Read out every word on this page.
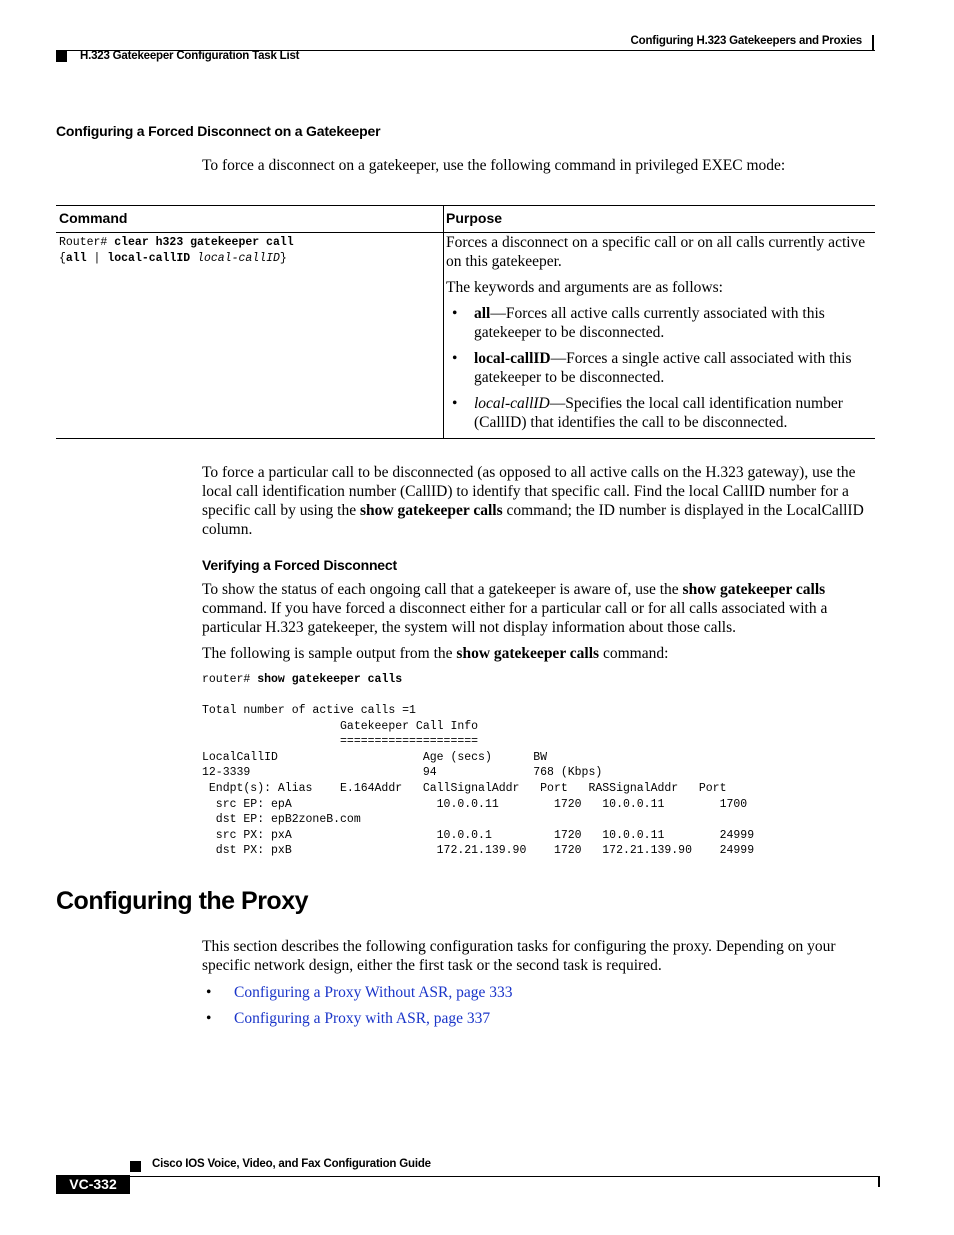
Configuring H.323 Gatekeepers and Proxies
H.323 Gatekeeper Configuration Task List
Configuring a Forced Disconnect on a Gatekeeper
To force a disconnect on a gatekeeper, use the following command in privileged EXEC mode:
Command	Purpose
Router# clear h323 gatekeeper call
{all | local-callID local-callID}

Forces a disconnect on a specific call or on all calls currently active on this gatekeeper.

The keywords and arguments are as follows:

• all—Forces all active calls currently associated with this gatekeeper to be disconnected.
• local-callID—Forces a single active call associated with this gatekeeper to be disconnected.
• local-callID—Specifies the local call identification number (CallID) that identifies the call to be disconnected.
To force a particular call to be disconnected (as opposed to all active calls on the H.323 gateway), use the local call identification number (CallID) to identify that specific call. Find the local CallID number for a specific call by using the show gatekeeper calls command; the ID number is displayed in the LocalCallID column.
Verifying a Forced Disconnect
To show the status of each ongoing call that a gatekeeper is aware of, use the show gatekeeper calls command. If you have forced a disconnect either for a particular call or for all calls associated with a particular H.323 gatekeeper, the system will not display information about those calls.
The following is sample output from the show gatekeeper calls command:
router# show gatekeeper calls
Total number of active calls =1
Gatekeeper Call Info
====================
LocalCallID                     Age (secs)      BW
12-3339                         94              768 (Kbps)
Endpt(s): Alias    E.164Addr   CallSignalAddr   Port   RASSignalAddr   Port
src EP: epA                     10.0.0.11        1720   10.0.0.11        1700
dst EP: epB2zoneB.com
src PX: pxA                     10.0.0.1         1720   10.0.0.11        24999
dst PX: pxB                     172.21.139.90    1720   172.21.139.90    24999
Configuring the Proxy
This section describes the following configuration tasks for configuring the proxy. Depending on your specific network design, either the first task or the second task is required.
• Configuring a Proxy Without ASR, page 333
• Configuring a Proxy with ASR, page 337
Cisco IOS Voice, Video, and Fax Configuration Guide
VC-332
